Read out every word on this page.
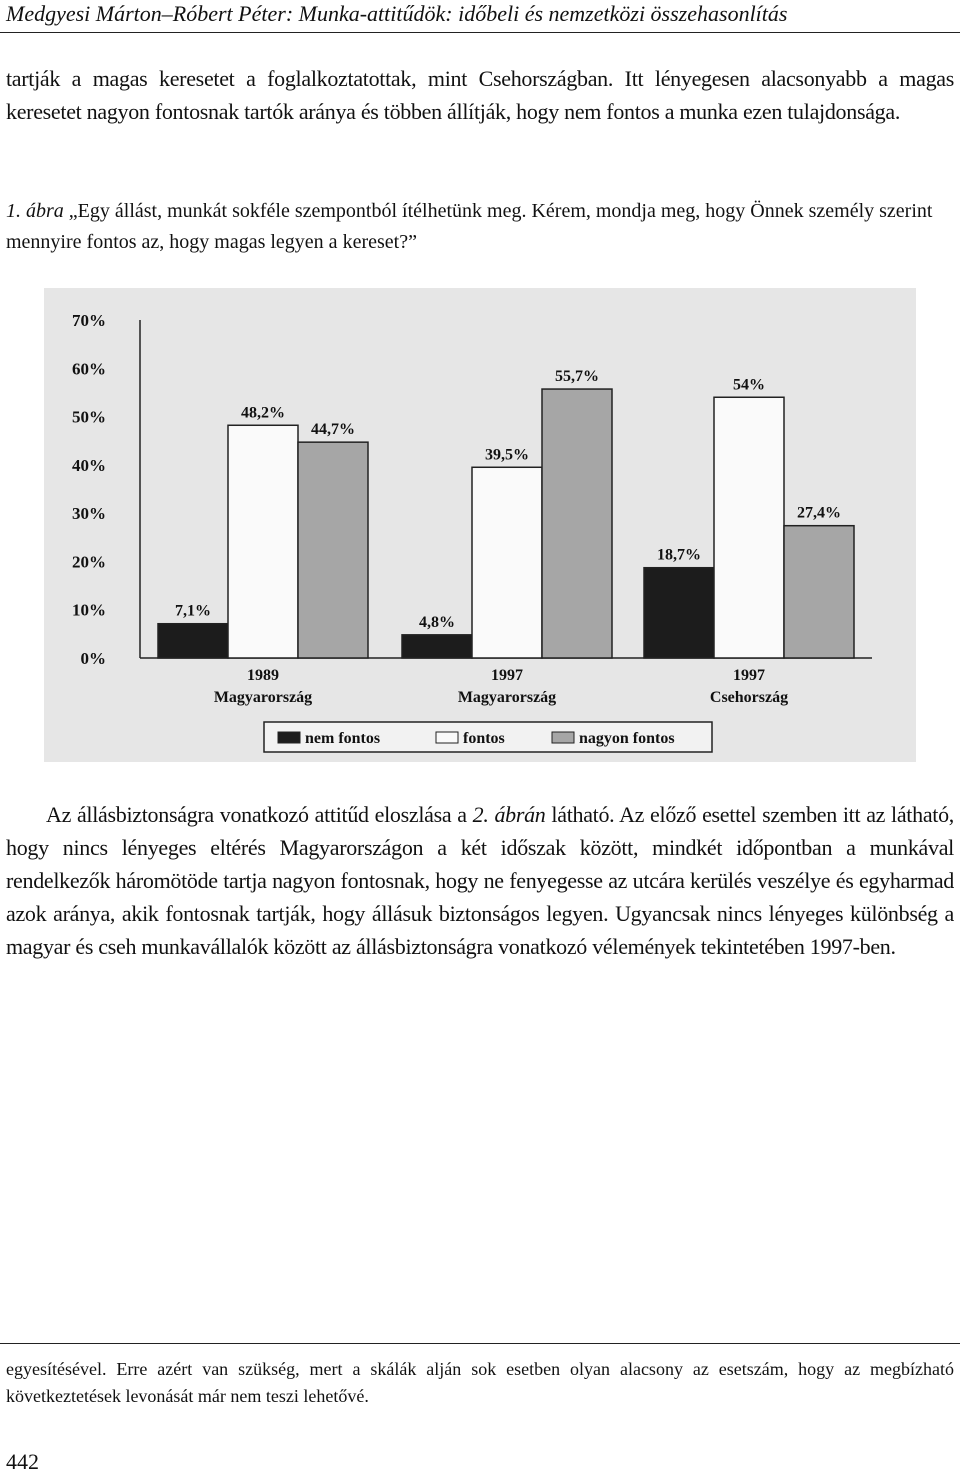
Medgyesi Márton–Róbert Péter: Munka-attitűdök: időbeli és nemzetközi összehasonlítás
tartják a magas keresetet a foglalkoztatottak, mint Csehországban. Itt lényegesen alacsonyabb a magas keresetet nagyon fontosnak tartók aránya és többen állítják, hogy nem fontos a munka ezen tulajdonsága.
1. ábra „Egy állást, munkát sokféle szempontból ítélhetünk meg. Kérem, mondja meg, hogy Önnek személy szerint mennyire fontos az, hogy magas legyen a kereset?”
0%
10%
20%
30%
40%
50%
60%
70%
7,1%
48,2%
44,7%
1989
Magyarország
4,8%
39,5%
55,7%
1997
Magyarország
18,7%
54%
27,4%
1997
Csehország
nem fontos	fontos	nagyon fontos
Az állásbiztonságra vonatkozó attitűd eloszlása a 2. ábrán látható. Az előző esettel szemben itt az látható, hogy nincs lényeges eltérés Magyarországon a két időszak között, mindkét időpontban a munkával rendelkezők háromötöde tartja nagyon fontosnak, hogy ne fenyegesse az utcára kerülés veszélye és egyharmad azok aránya, akik fontosnak tartják, hogy állásuk biztonságos legyen. Ugyancsak nincs lényeges különbség a magyar és cseh munkavállalók között az állásbiztonságra vonatkozó vélemények tekintetében 1997-ben.
egyesítésével. Erre azért van szükség, mert a skálák alján sok esetben olyan alacsony az esetszám, hogy az megbízható következtetések levonását már nem teszi lehetővé.
442
